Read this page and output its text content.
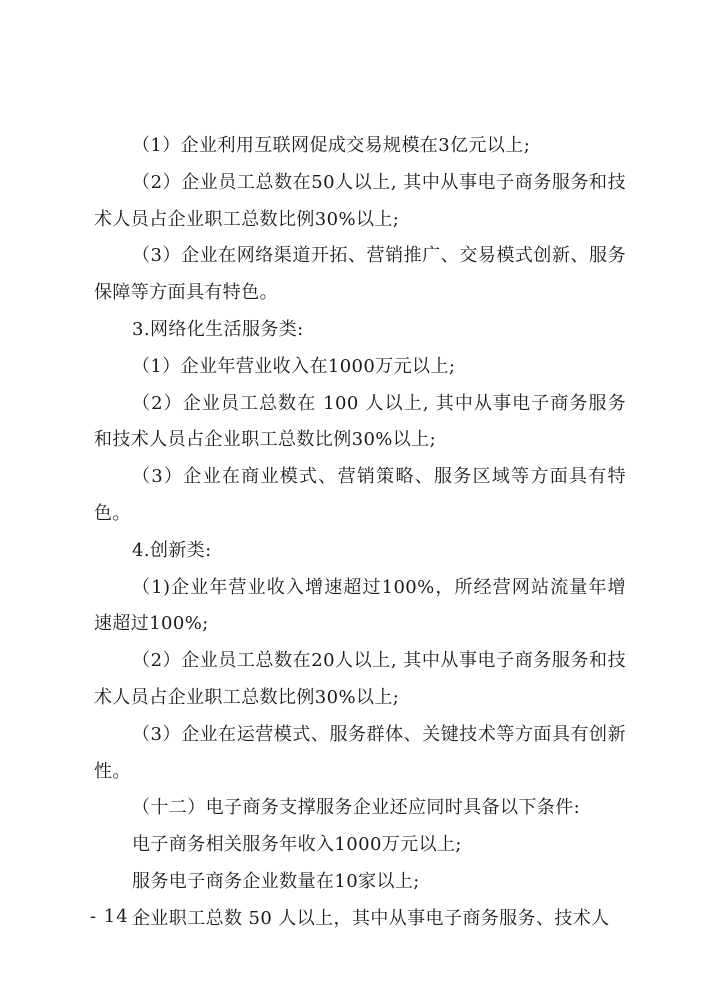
（1）企业利用互联网促成交易规模在3亿元以上;

（2）企业员工总数在50人以上, 其中从事电子商务服务和技术人员占企业职工总数比例30%以上;

（3）企业在网络渠道开拓、营销推广、交易模式创新、服务保障等方面具有特色。

3.网络化生活服务类:

（1）企业年营业收入在1000万元以上;

（2）企业员工总数在 100 人以上, 其中从事电子商务服务和技术人员占企业职工总数比例30%以上;

（3）企业在商业模式、营销策略、服务区域等方面具有特色。

4.创新类:

（1)企业年营业收入增速超过100%，所经营网站流量年增速超过100%;

（2）企业员工总数在20人以上, 其中从事电子商务服务和技术人员占企业职工总数比例30%以上;

（3）企业在运营模式、服务群体、关键技术等方面具有创新性。

（十二）电子商务支撑服务企业还应同时具备以下条件:

电子商务相关服务年收入1000万元以上;

服务电子商务企业数量在10家以上;

企业职工总数 50 人以上，其中从事电子商务服务、技术人

- 14 -
